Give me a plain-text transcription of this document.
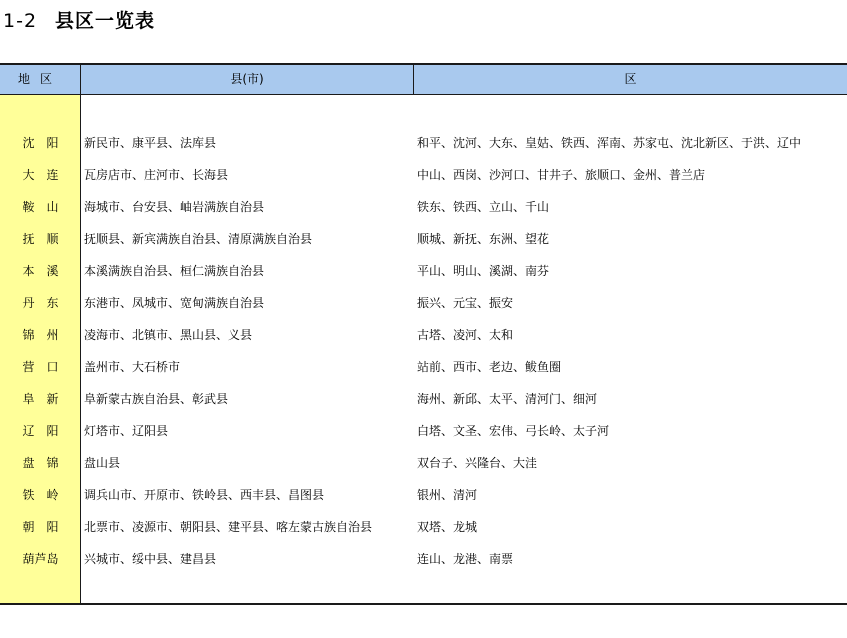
1-2 县区一览表
地区	县(市)	区
沈阳	新民市、康平县、法库县	和平、沈河、大东、皇姑、铁西、浑南、苏家屯、沈北新区、于洪、辽中
大连	瓦房店市、庄河市、长海县	中山、西岗、沙河口、甘井子、旅顺口、金州、普兰店
鞍山	海城市、台安县、岫岩满族自治县	铁东、铁西、立山、千山
抚顺	抚顺县、新宾满族自治县、清原满族自治县	顺城、新抚、东洲、望花
本溪	本溪满族自治县、桓仁满族自治县	平山、明山、溪湖、南芬
丹东	东港市、凤城市、宽甸满族自治县	振兴、元宝、振安
锦州	凌海市、北镇市、黑山县、义县	古塔、凌河、太和
营口	盖州市、大石桥市	站前、西市、老边、鲅鱼圈
阜新	阜新蒙古族自治县、彰武县	海州、新邱、太平、清河门、细河
辽阳	灯塔市、辽阳县	白塔、文圣、宏伟、弓长岭、太子河
盘锦	盘山县	双台子、兴隆台、大洼
铁岭	调兵山市、开原市、铁岭县、西丰县、昌图县	银州、清河
朝阳	北票市、凌源市、朝阳县、建平县、喀左蒙古族自治县	双塔、龙城
葫芦岛	兴城市、绥中县、建昌县	连山、龙港、南票
